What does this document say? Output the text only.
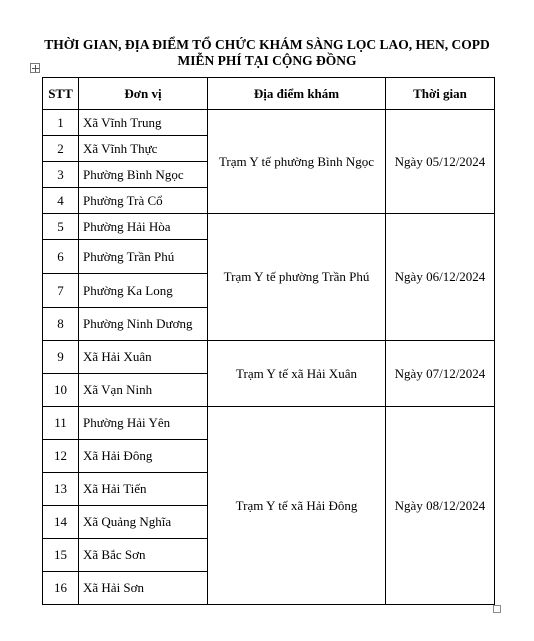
THỜI GIAN, ĐỊA ĐIỂM TỔ CHỨC KHÁM SÀNG LỌC LAO, HEN, COPD
MIỄN PHÍ TẠI CỘNG ĐỒNG
STT	Đơn vị	Địa điểm khám	Thời gian
1	Xã Vĩnh Trung	Trạm Y tế phường Bình Ngọc	Ngày 05/12/2024
2	Xã Vĩnh Thực		
3	Phường Bình Ngọc		
4	Phường Trà Cổ		
5	Phường Hải Hòa	Trạm Y tế phường Trần Phú	Ngày 06/12/2024
6	Phường Trần Phú		
7	Phường Ka Long		
8	Phường Ninh Dương		
9	Xã Hải Xuân	Trạm Y tế xã Hải Xuân	Ngày 07/12/2024
10	Xã Vạn Ninh		
11	Phường Hải Yên	Trạm Y tế xã Hải Đông	Ngày 08/12/2024
12	Xã Hải Đông		
13	Xã Hải Tiến		
14	Xã Quảng Nghĩa		
15	Xã Bắc Sơn		
16	Xã Hải Sơn		
